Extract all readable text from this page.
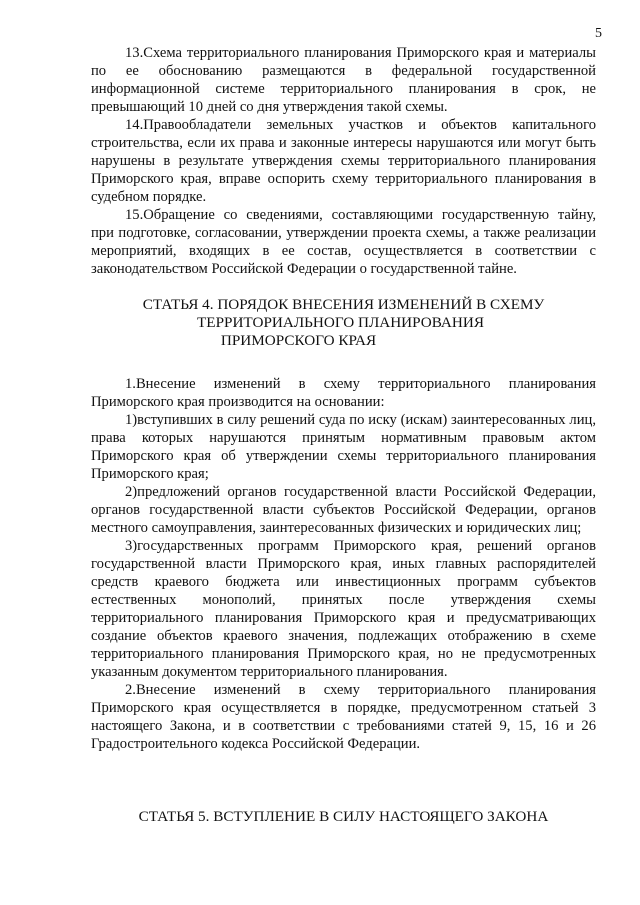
5

13.Схема территориального планирования Приморского края и материалы по ее обоснованию размещаются в федеральной государственной информационной системе территориального планирования в срок, не превышающий 10 дней со дня утверждения такой схемы.

14.Правообладатели земельных участков и объектов капитального строительства, если их права и законные интересы нарушаются или могут быть нарушены в результате утверждения схемы территориального планирования Приморского края, вправе оспорить схему территориального планирования в судебном порядке.

15.Обращение со сведениями, составляющими государственную тайну, при подготовке, согласовании, утверждении проекта схемы, а также реализации мероприятий, входящих в ее состав, осуществляется в соответствии с законодательством Российской Федерации о государственной тайне.

СТАТЬЯ 4. ПОРЯДОК ВНЕСЕНИЯ ИЗМЕНЕНИЙ В СХЕМУ
ТЕРРИТОРИАЛЬНОГО ПЛАНИРОВАНИЯ
ПРИМОРСКОГО КРАЯ

1.Внесение изменений в схему территориального планирования Приморского края производится на основании:

1)вступивших в силу решений суда по иску (искам) заинтересованных лиц, права которых нарушаются принятым нормативным правовым актом Приморского края об утверждении схемы территориального планирования Приморского края;

2)предложений органов государственной власти Российской Федерации, органов государственной власти субъектов Российской Федерации, органов местного самоуправления, заинтересованных физических и юридических лиц;

3)государственных программ Приморского края, решений органов государственной власти Приморского края, иных главных распорядителей средств краевого бюджета или инвестиционных программ субъектов естественных монополий, принятых после утверждения схемы территориального планирования Приморского края и предусматривающих создание объектов краевого значения, подлежащих отображению в схеме территориального планирования Приморского края, но не предусмотренных указанным документом территориального планирования.

2.Внесение изменений в схему территориального планирования Приморского края осуществляется в порядке, предусмотренном статьей 3 настоящего Закона, и в соответствии с требованиями статей 9, 15, 16 и 26 Градостроительного кодекса Российской Федерации.

СТАТЬЯ 5. ВСТУПЛЕНИЕ В СИЛУ НАСТОЯЩЕГО ЗАКОНА
